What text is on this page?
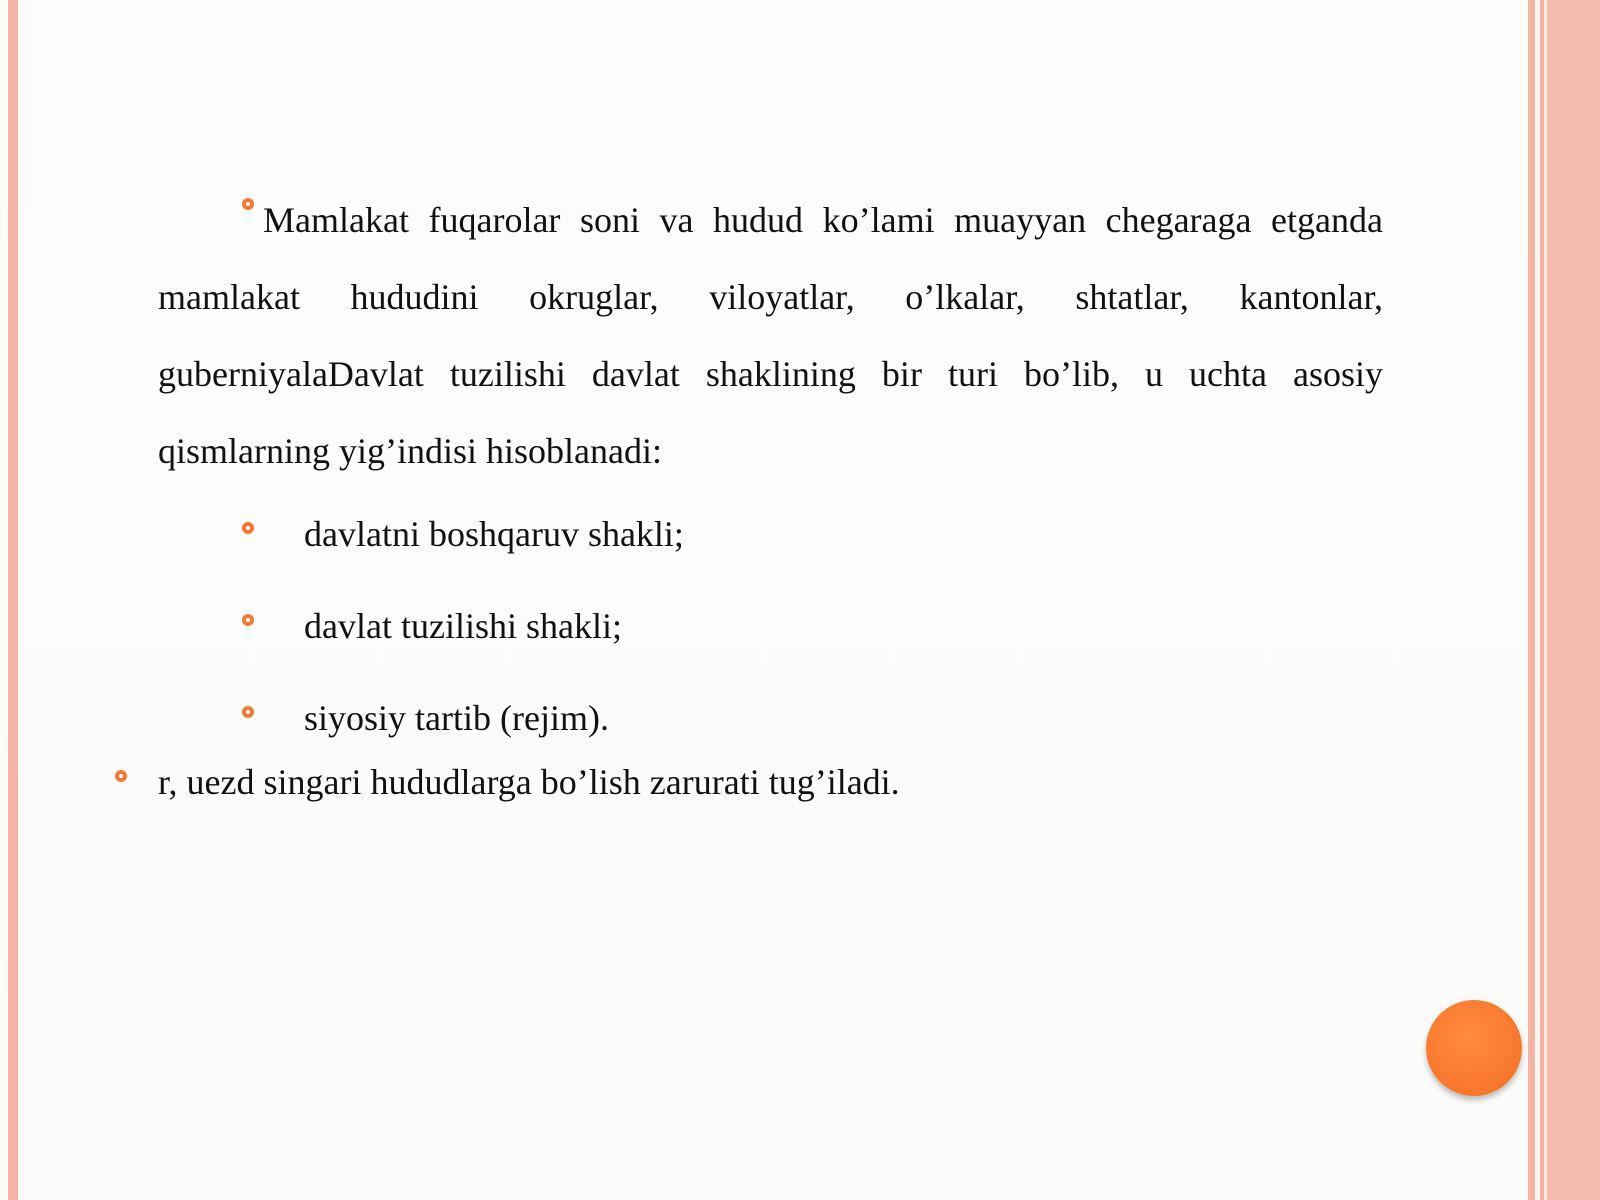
Mamlakat fuqarolar soni va hudud ko’lami muayyan chegaraga etganda mamlakat hududini okruglar, viloyatlar, o’lkalar, shtatlar, kantonlar, guberniyalaDavlat tuzilishi davlat shaklining bir turi bo’lib, u uchta asosiy qismlarning yig’indisi hisoblanadi:

davlatni boshqaruv shakli;
davlat tuzilishi shakli;
siyosiy tartib (rejim).
r, uezd singari hududlarga bo’lish zarurati tug’iladi.
